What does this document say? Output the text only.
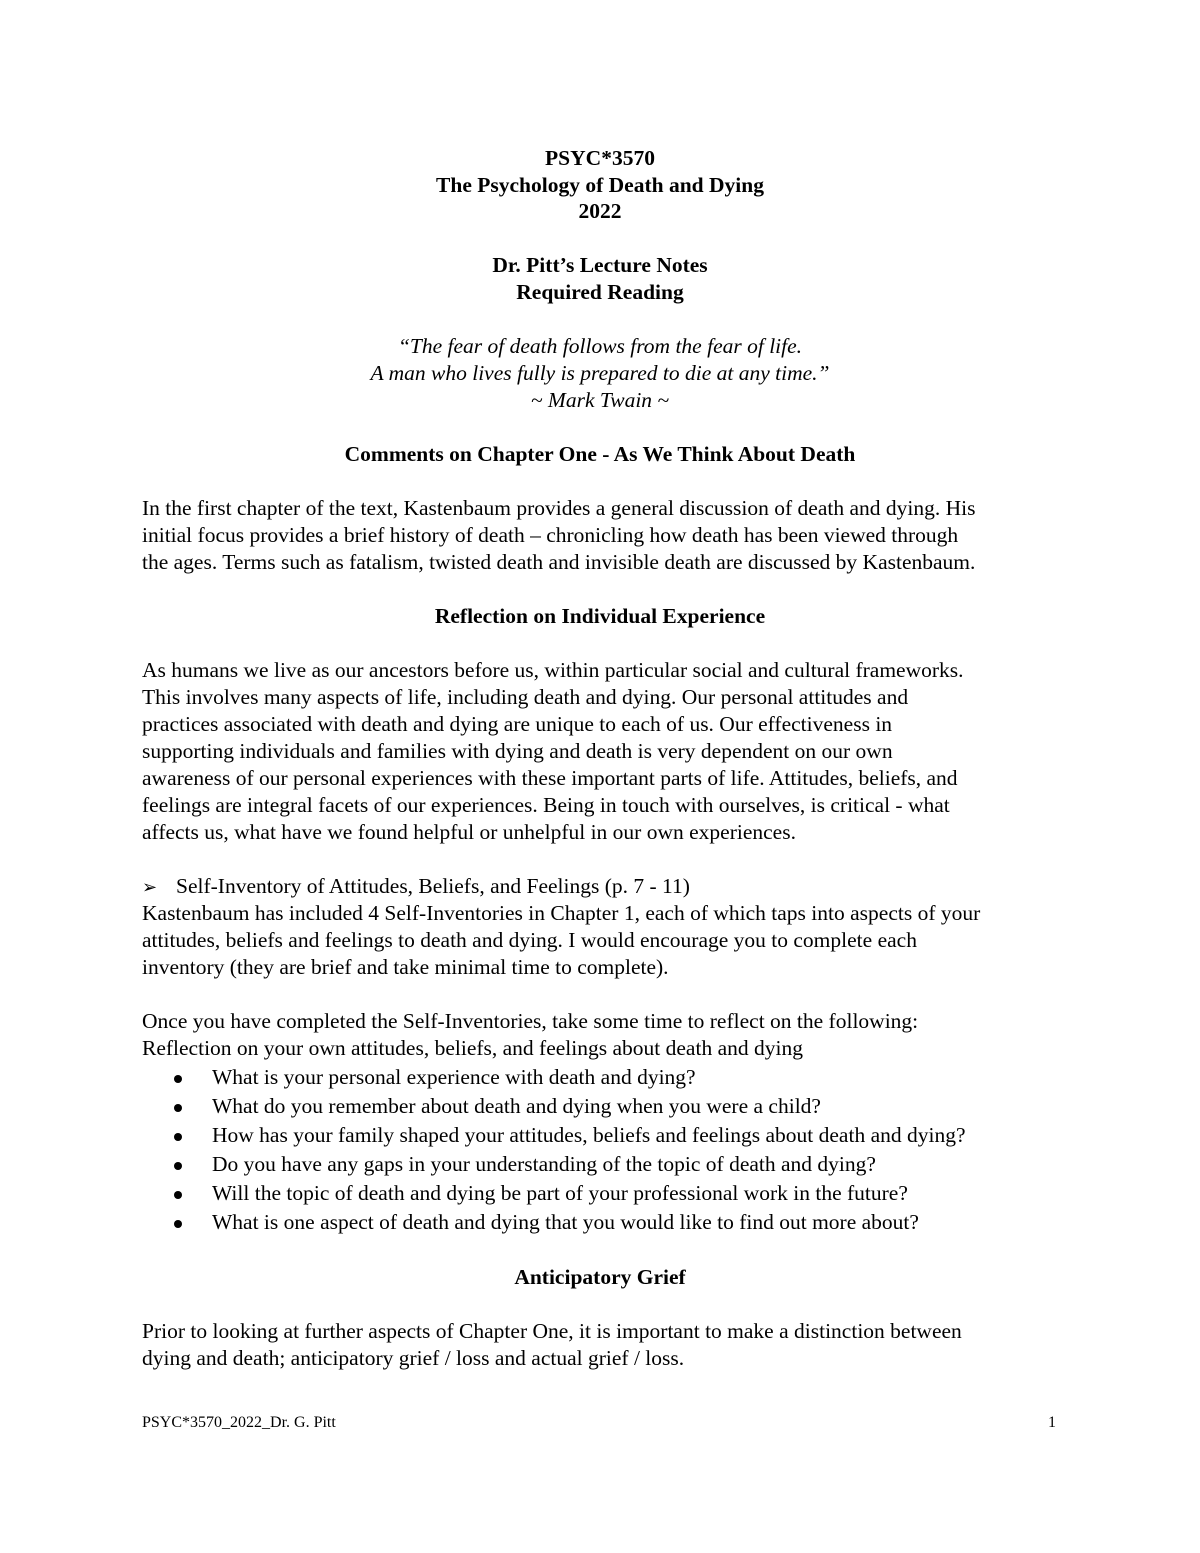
PSYC*3570
The Psychology of Death and Dying
2022
Dr. Pitt’s Lecture Notes
Required Reading
“The fear of death follows from the fear of life.
A man who lives fully is prepared to die at any time.”
~ Mark Twain ~
Comments on Chapter One - As We Think About Death
In the first chapter of the text, Kastenbaum provides a general discussion of death and dying. His
initial focus provides a brief history of death – chronicling how death has been viewed through
the ages. Terms such as fatalism, twisted death and invisible death are discussed by Kastenbaum.
Reflection on Individual Experience
As humans we live as our ancestors before us, within particular social and cultural frameworks.
This involves many aspects of life, including death and dying. Our personal attitudes and
practices associated with death and dying are unique to each of us. Our effectiveness in
supporting individuals and families with dying and death is very dependent on our own
awareness of our personal experiences with these important parts of life. Attitudes, beliefs, and
feelings are integral facets of our experiences. Being in touch with ourselves, is critical - what
affects us, what have we found helpful or unhelpful in our own experiences.
➢ Self-Inventory of Attitudes, Beliefs, and Feelings (p. 7 - 11)
Kastenbaum has included 4 Self-Inventories in Chapter 1, each of which taps into aspects of your
attitudes, beliefs and feelings to death and dying. I would encourage you to complete each
inventory (they are brief and take minimal time to complete).
Once you have completed the Self-Inventories, take some time to reflect on the following:
Reflection on your own attitudes, beliefs, and feelings about death and dying
What is your personal experience with death and dying?
What do you remember about death and dying when you were a child?
How has your family shaped your attitudes, beliefs and feelings about death and dying?
Do you have any gaps in your understanding of the topic of death and dying?
Will the topic of death and dying be part of your professional work in the future?
What is one aspect of death and dying that you would like to find out more about?
Anticipatory Grief
Prior to looking at further aspects of Chapter One, it is important to make a distinction between
dying and death; anticipatory grief / loss and actual grief / loss.
PSYC*3570_2022_Dr. G. Pitt	1
